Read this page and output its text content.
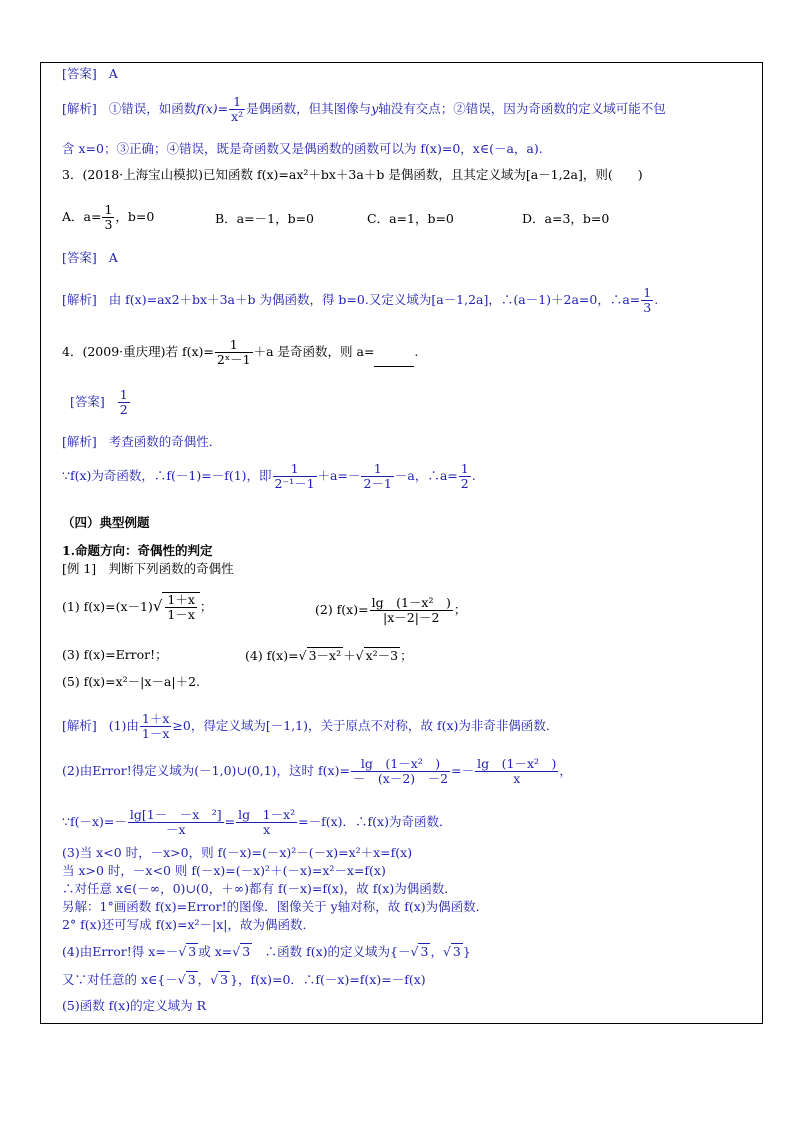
[答案] A
[解析] ①错误，如函数$f(x)= \frac{1}{\text{x²}}$ 是偶函数，但其图像与y轴没有交点；②错误，因为奇函数的定义域可能不包
含 x=0；③正确；④错误，既是奇函数又是偶函数的函数可以为 f(x)=0，x∈(－a，a).
3．(2018·上海宝山模拟)已知函数 f(x)=ax²＋bx＋3a＋b 是偶函数，且其定义域为[a－1,2a]，则(　　)
A．$a= \frac{1}{3}$ ，b=0	B．a=－1，b=0	C．a=1，b=0	D．a=3，b=0
[答案] A
[解析] 由 f(x)=ax2＋bx＋3a＋b 为偶函数，得 b=0.又定义域为[a－1,2a]，∴(a－1)＋2a=0，∴a= $\frac{1}{3}$ .
4．(2009·重庆理)若 $f(x)= \frac{1}{\text{2ˣ－1}} +a$ 是奇函数，则 a=	.
[答案] $\frac{1}{2}$
[解析] 考查函数的奇偶性．
∵f(x)为奇函数，∴f(－1)=－f(1)，即 $\frac{1}{\text{2⁻¹－1}} +a=- \frac{1}{2-1} -a$，∴a= $\frac{1}{2}$ .
（四）典型例题
1.命题方向：奇偶性的判定
[例 1]　判断下列函数的奇偶性
(1) $f(x)=(x-1)√ \frac{1+x}{1-x}$ ；	(2) $f(x)= \frac{\text{lg　(1－x²　)}}{|x-2|-2}$ ；
(3) f(x)=Error!；	(4) f(x)=√ 3－x² ＋√ x²－3 ；
(5) f(x)=x²－|x－a|＋2.
[解析] (1)由 $\frac{1+x}{1-x} \ge 0$，得定义域为[－1,1)，关于原点不对称，故 f(x)为非奇非偶函数．
(2)由Error!得定义域为(－1,0)∪(0,1)，这时 $f(x)= \frac{\text{lg　(1－x²　)}}{- (x-2) -2} =- \frac{\text{lg　(1－x²　)}}{x}$ ，
∵f(－x)=－ $\frac{\text{lg[1－　－x　²]}}{-x} = \frac{\text{lg　1－x²}}{x} =-f(x)$．∴f(x)为奇函数．
(3)当 x<0 时，－x>0，则 f(－x)=(－x)²－(－x)=x²＋x=f(x)
当 x>0 时，－x<0 则 f(－x)=(－x)²＋(－x)=x²－x=f(x)
∴对任意 x∈(－∞，0)∪(0，＋∞)都有 f(－x)=f(x)，故 f(x)为偶函数．
另解：1°画函数 f(x)=Error!的图像．图像关于 y轴对称，故 f(x)为偶函数．
2° f(x)还可写成 f(x)=x²－|x|，故为偶函数．
(4)由Error!得 x=－√ 3 或 x=√ 3　∴函数 f(x)的定义域为{－√ 3 ，√ 3 }
又∵对任意的 x∈{－√ 3 ，√ 3 }，f(x)=0．∴f(－x)=f(x)=－f(x)
(5)函数 f(x)的定义域为 R
